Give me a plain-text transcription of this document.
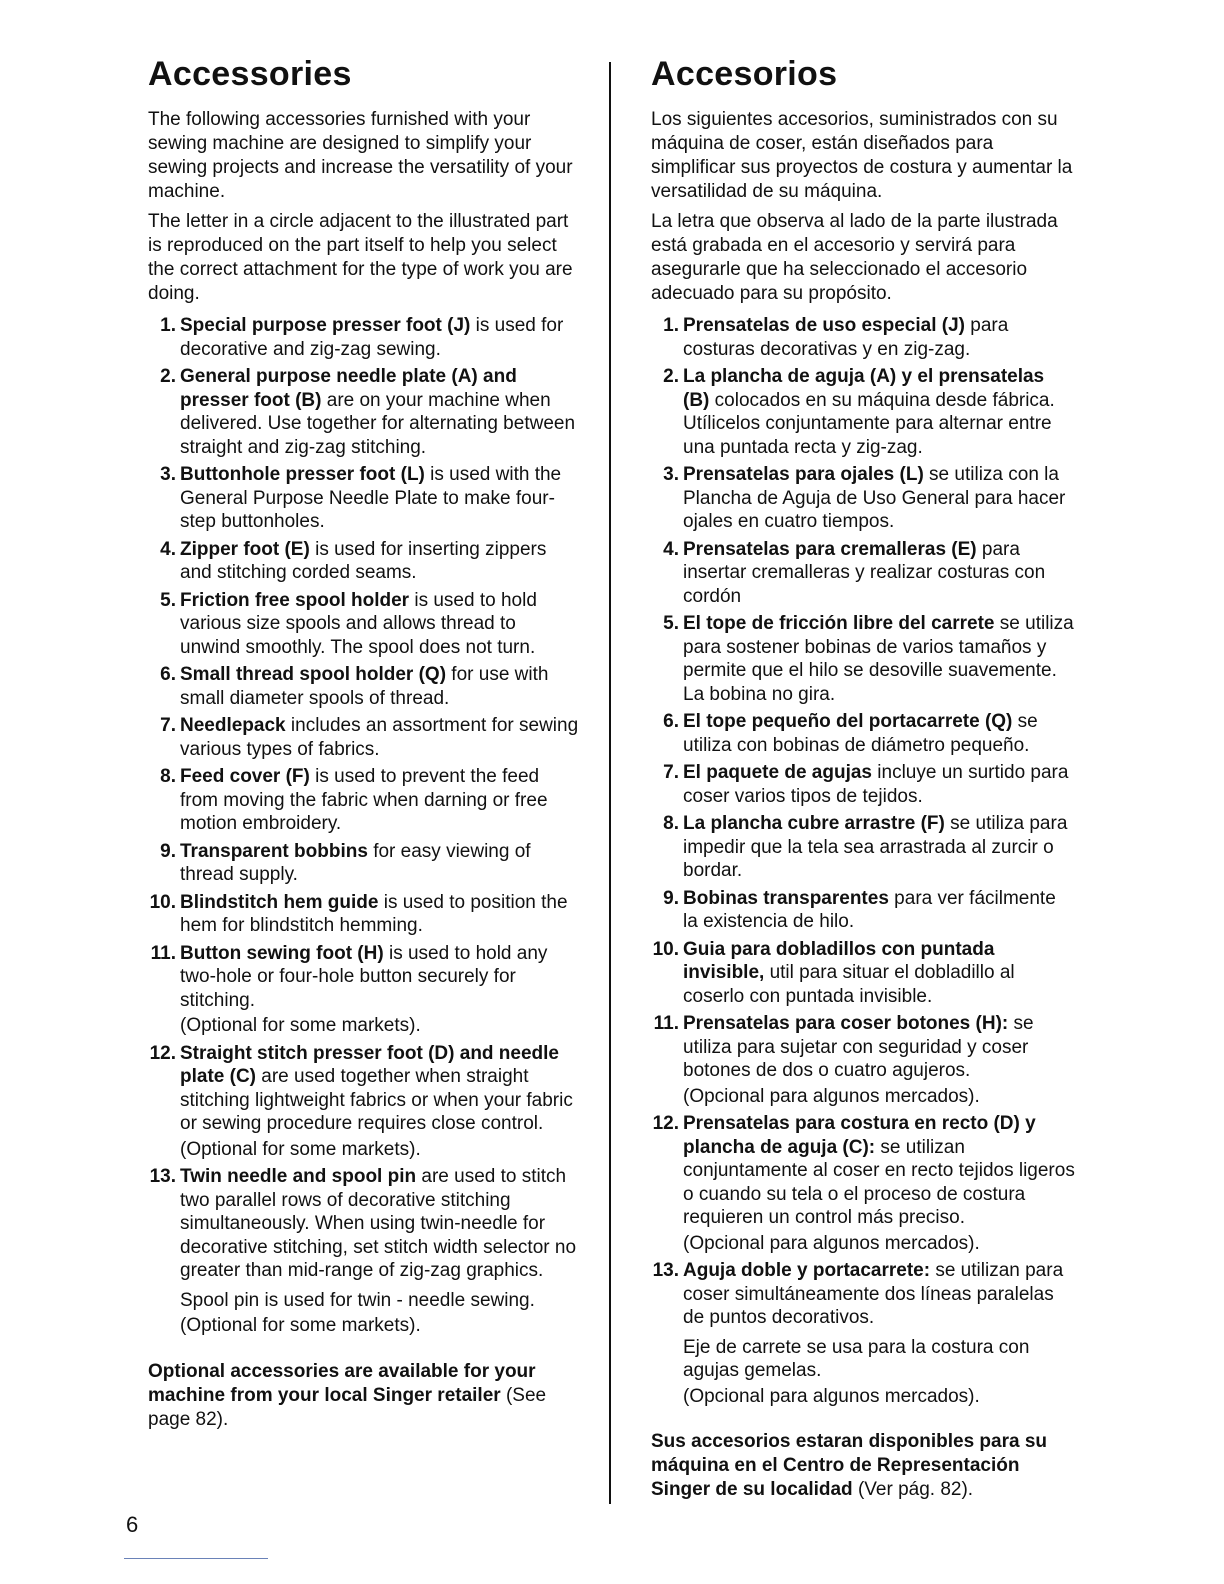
Accessories

The following accessories furnished with your sewing machine are designed to simplify your sewing projects and increase the versatility of your machine.

The letter in a circle adjacent to the illustrated part is reproduced on the part itself to help you select the correct attachment for the type of work you are doing.

1. Special purpose presser foot (J) is used for decorative and zig-zag sewing.
2. General purpose needle plate (A) and presser foot (B) are on your machine when delivered. Use together for alternating between straight and zig-zag stitching.
3. Buttonhole presser foot (L) is used with the General Purpose Needle Plate to make four-step buttonholes.
4. Zipper foot (E) is used for inserting zippers and stitching corded seams.
5. Friction free spool holder is used to hold various size spools and allows thread to unwind smoothly. The spool does not turn.
6. Small thread spool holder (Q) for use with small diameter spools of thread.
7. Needlepack includes an assortment for sewing various types of fabrics.
8. Feed cover (F) is used to prevent the feed from moving the fabric when darning or free motion embroidery.
9. Transparent bobbins for easy viewing of thread supply.
10. Blindstitch hem guide is used to position the hem for blindstitch hemming.
11. Button sewing foot (H) is used to hold any two-hole or four-hole button securely for stitching.
(Optional for some markets).
12. Straight stitch presser foot (D) and needle plate (C) are used together when straight stitching lightweight fabrics or when your fabric or sewing procedure requires close control.
(Optional for some markets).
13. Twin needle and spool pin are used to stitch two parallel rows of decorative stitching simultaneously. When using twin-needle for decorative stitching, set stitch width selector no greater than mid-range of zig-zag graphics.
Spool pin is used for twin - needle sewing.
(Optional for some markets).

Optional accessories are available for your machine from your local Singer retailer (See page 82).

Accesorios

Los siguientes accesorios, suministrados con su máquina de coser, están diseñados para simplificar sus proyectos de costura y aumentar la versatilidad de su máquina.

La letra que observa al lado de la parte ilustrada está grabada en el accesorio y servirá para asegurarle que ha seleccionado el accesorio adecuado para su propósito.

1. Prensatelas de uso especial (J) para costuras decorativas y en zig-zag.
2. La plancha de aguja (A) y el prensatelas (B) colocados en su máquina desde fábrica. Utílicelos conjuntamente para alternar entre una puntada recta y zig-zag.
3. Prensatelas para ojales (L) se utiliza con la Plancha de Aguja de Uso General para hacer ojales en cuatro tiempos.
4. Prensatelas para cremalleras (E) para insertar cremalleras y realizar costuras con cordón
5. El tope de fricción libre del carrete se utiliza para sostener bobinas de varios tamaños y permite que el hilo se desoville suavemente. La bobina no gira.
6. El tope pequeño del portacarrete (Q) se utiliza con bobinas de diámetro pequeño.
7. El paquete de agujas incluye un surtido para coser varios tipos de tejidos.
8. La plancha cubre arrastre (F) se utiliza para impedir que la tela sea arrastrada al zurcir o bordar.
9. Bobinas transparentes para ver fácilmente la existencia de hilo.
10. Guia para dobladillos con puntada invisible, util para situar el dobladillo al coserlo con puntada invisible.
11. Prensatelas para coser botones (H): se utiliza para sujetar con seguridad y coser botones de dos o cuatro agujeros.
(Opcional para algunos mercados).
12. Prensatelas para costura en recto (D) y plancha de aguja (C): se utilizan conjuntamente al coser en recto tejidos ligeros o cuando su tela o el proceso de costura requieren un control más preciso.
(Opcional para algunos mercados).
13. Aguja doble y portacarrete: se utilizan para coser simultáneamente dos líneas paralelas de puntos decorativos.
Eje de carrete se usa para la costura con agujas gemelas.
(Opcional para algunos mercados).

Sus accesorios estaran disponibles para su máquina en el Centro de Representación Singer de su localidad (Ver pág. 82).

6
